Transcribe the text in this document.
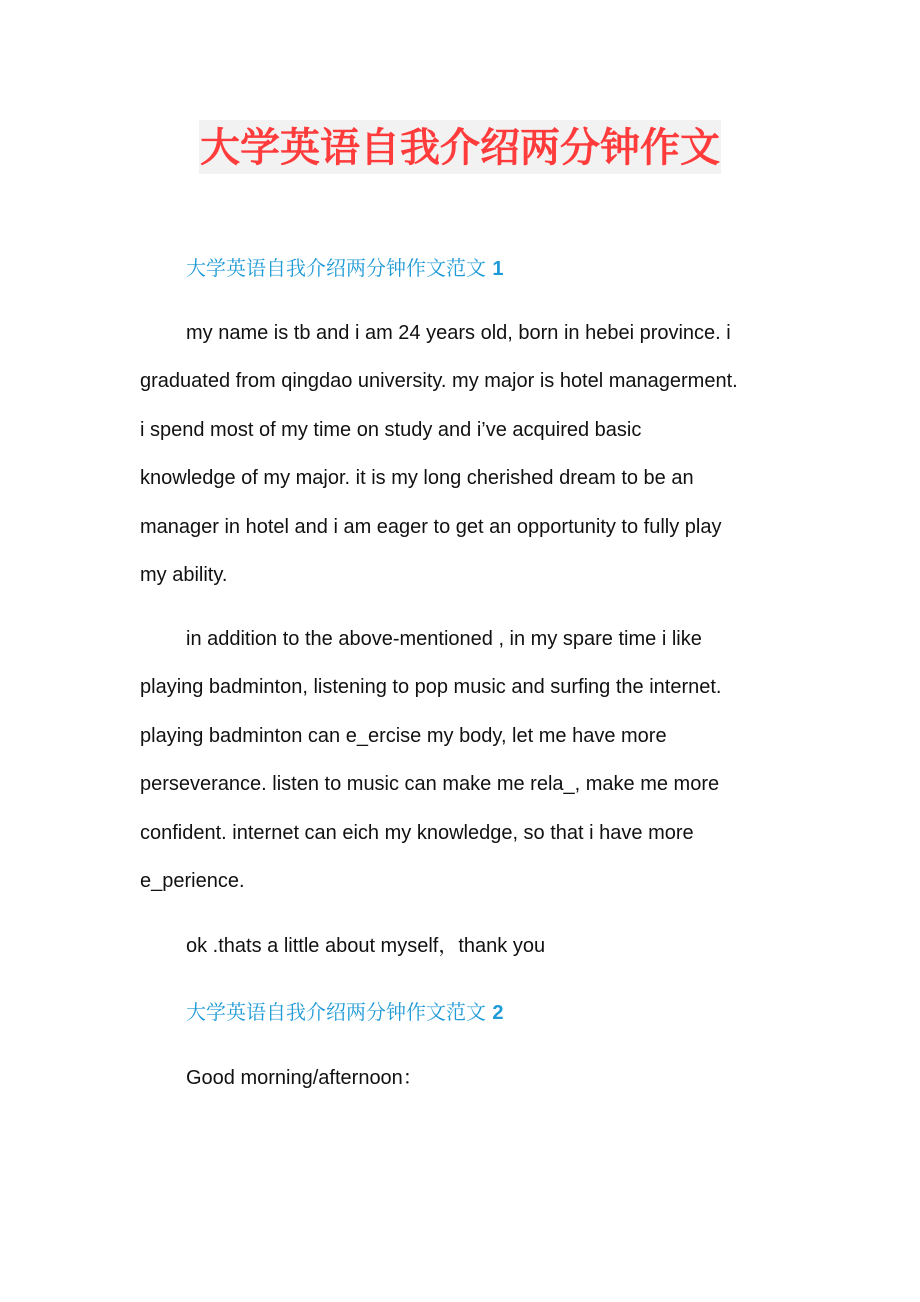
大学英语自我介绍两分钟作文
大学英语自我介绍两分钟作文范文 1
my name is tb and i am 24 years old, born in hebei province. i
graduated from qingdao university. my major is hotel managerment.
i spend most of my time on study and i’ve acquired basic
knowledge of my major. it is my long cherished dream to be an
manager in hotel and i am eager to get an opportunity to fully play
my ability.
in addition to the above-mentioned , in my spare time i like
playing badminton, listening to pop music and surfing the internet.
playing badminton can e_ercise my body, let me have more
perseverance. listen to music can make me rela_, make me more
confident. internet can eich my knowledge, so that i have more
e_perience.
ok .thats a little about myself，thank you
大学英语自我介绍两分钟作文范文 2
Good morning/afternoon：
